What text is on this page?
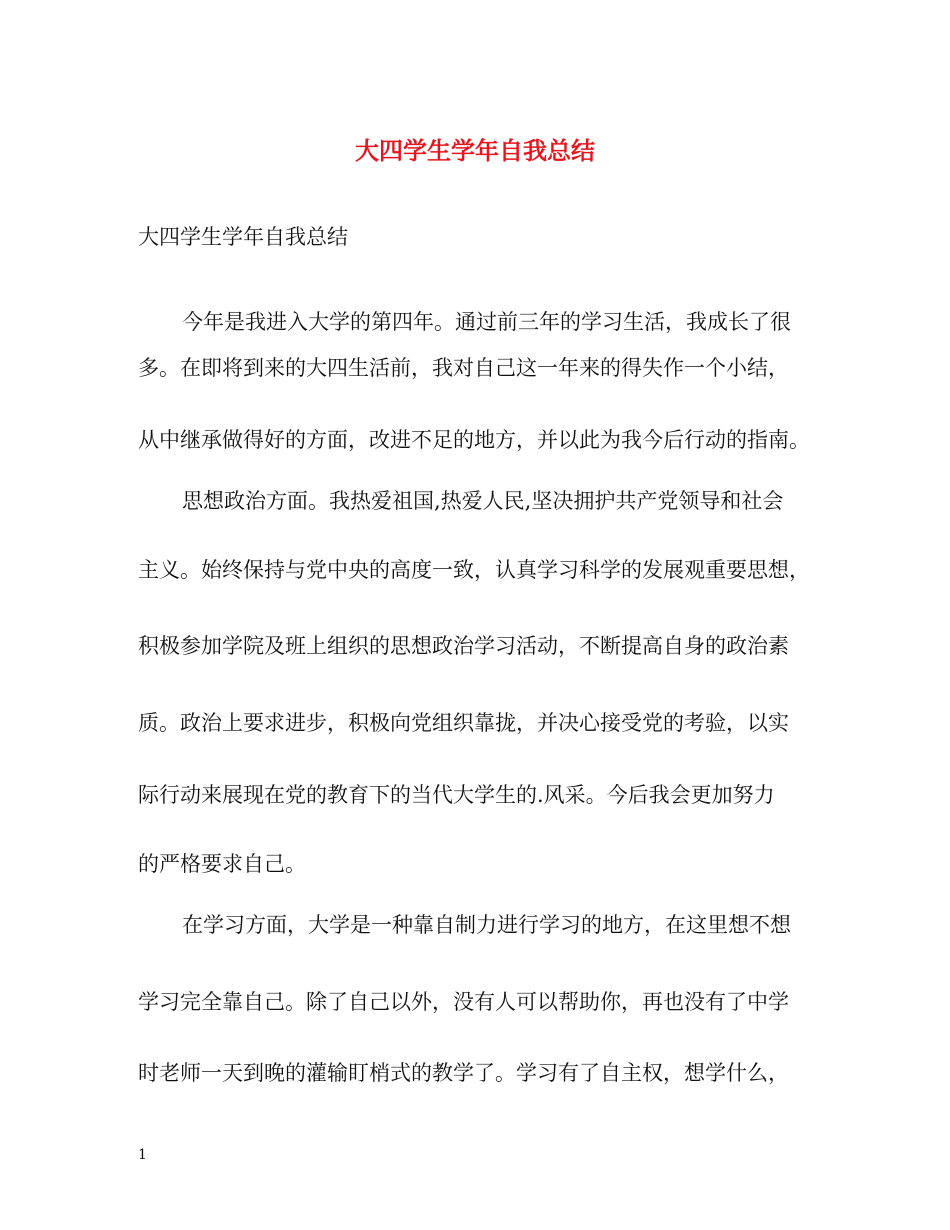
大四学生学年自我总结
大四学生学年自我总结
今年是我进入大学的第四年。通过前三年的学习生活，我成长了很
多。在即将到来的大四生活前，我对自己这一年来的得失作一个小结，
从中继承做得好的方面，改进不足的地方，并以此为我今后行动的指南。
思想政治方面。我热爱祖国,热爱人民,坚决拥护共产党领导和社会
主义。始终保持与党中央的高度一致，认真学习科学的发展观重要思想，
积极参加学院及班上组织的思想政治学习活动，不断提高自身的政治素
质。政治上要求进步，积极向党组织靠拢，并决心接受党的考验，以实
际行动来展现在党的教育下的当代大学生的.风采。今后我会更加努力
的严格要求自己。
在学习方面，大学是一种靠自制力进行学习的地方，在这里想不想
学习完全靠自己。除了自己以外，没有人可以帮助你，再也没有了中学
时老师一天到晚的灌输盯梢式的教学了。学习有了自主权，想学什么，
1
